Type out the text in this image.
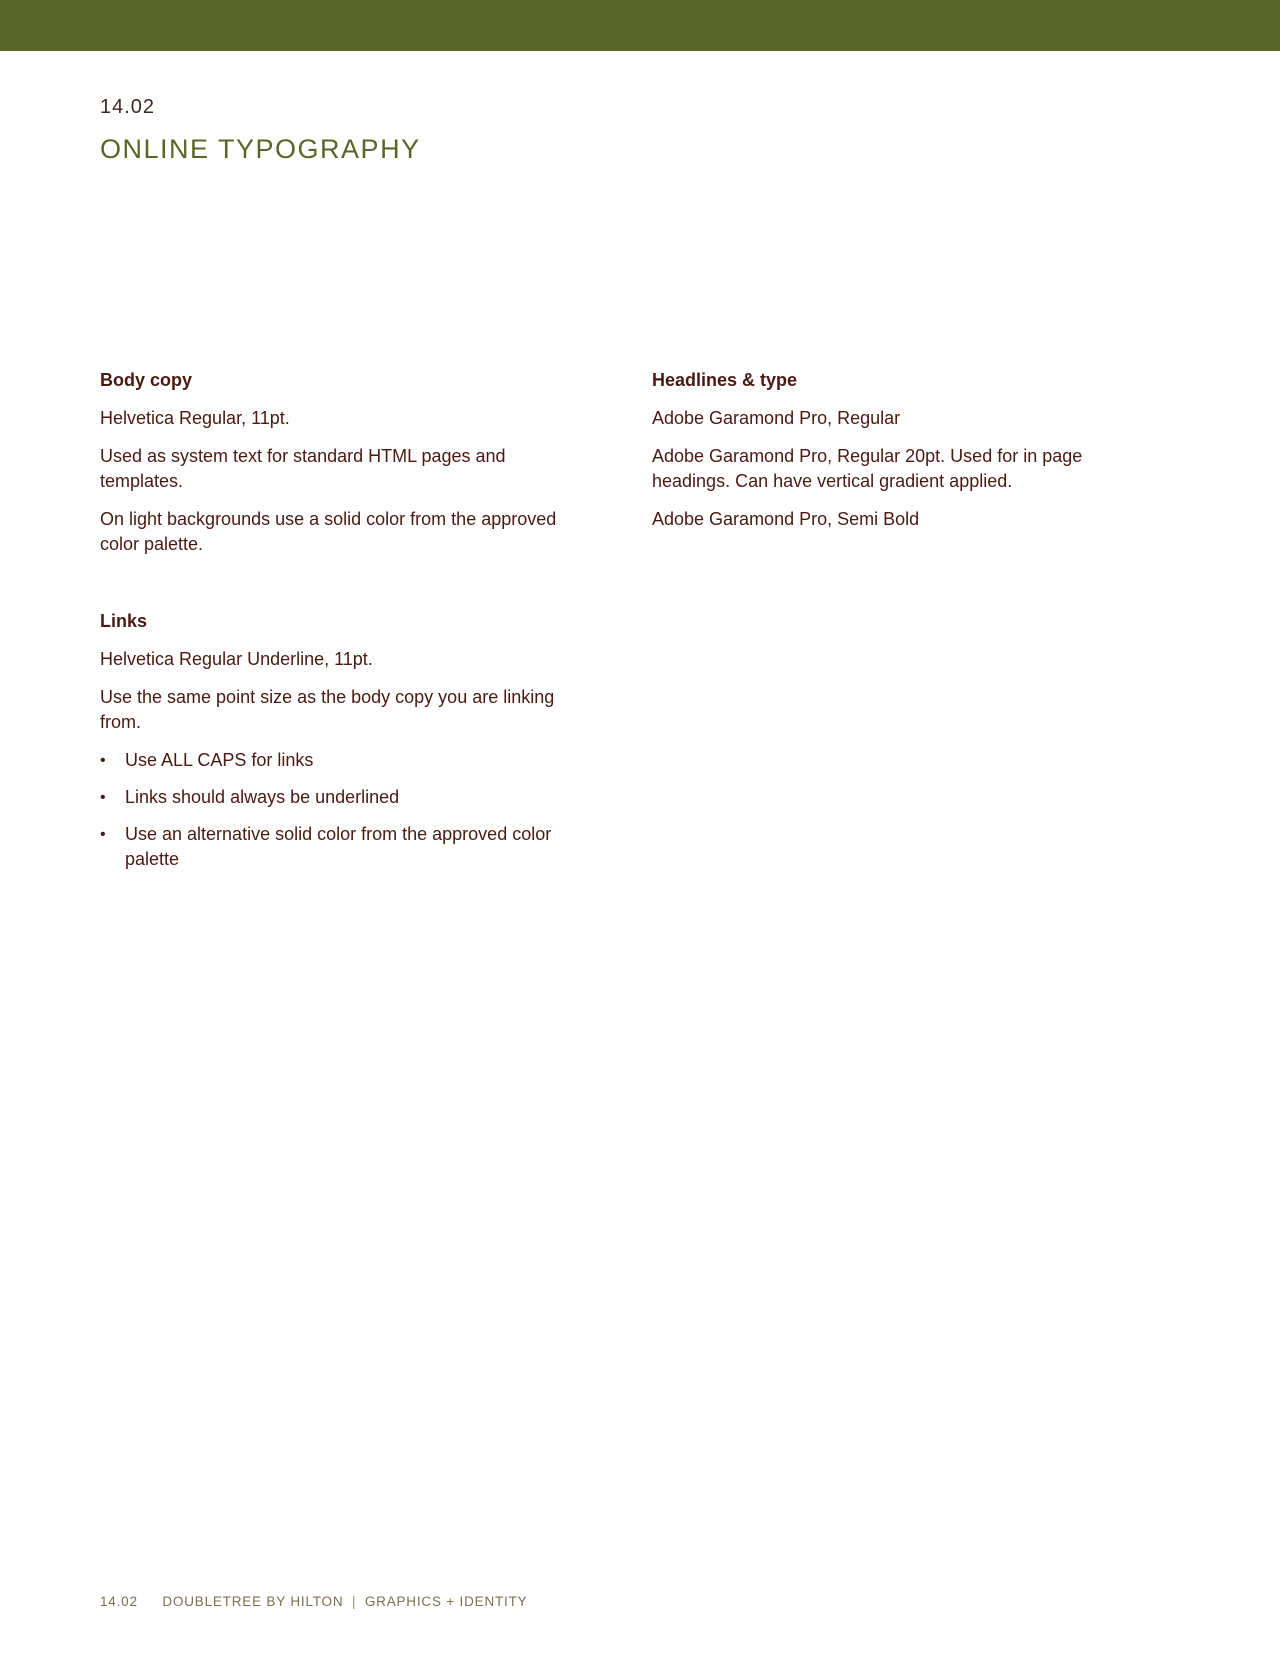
14.02
ONLINE TYPOGRAPHY
Body copy

Helvetica Regular, 11pt.

Used as system text for standard HTML pages and templates.

On light backgrounds use a solid color from the approved color palette.

Links

Helvetica Regular Underline, 11pt.

Use the same point size as the body copy you are linking from.

• Use ALL CAPS for links
• Links should always be underlined
• Use an alternative solid color from the approved color palette
Headlines & type

Adobe Garamond Pro, Regular

Adobe Garamond Pro, Regular 20pt. Used for in page headings. Can have vertical gradient applied.

Adobe Garamond Pro, Semi Bold

14.02 DOUBLETREE BY HILTON | GRAPHICS + IDENTITY
